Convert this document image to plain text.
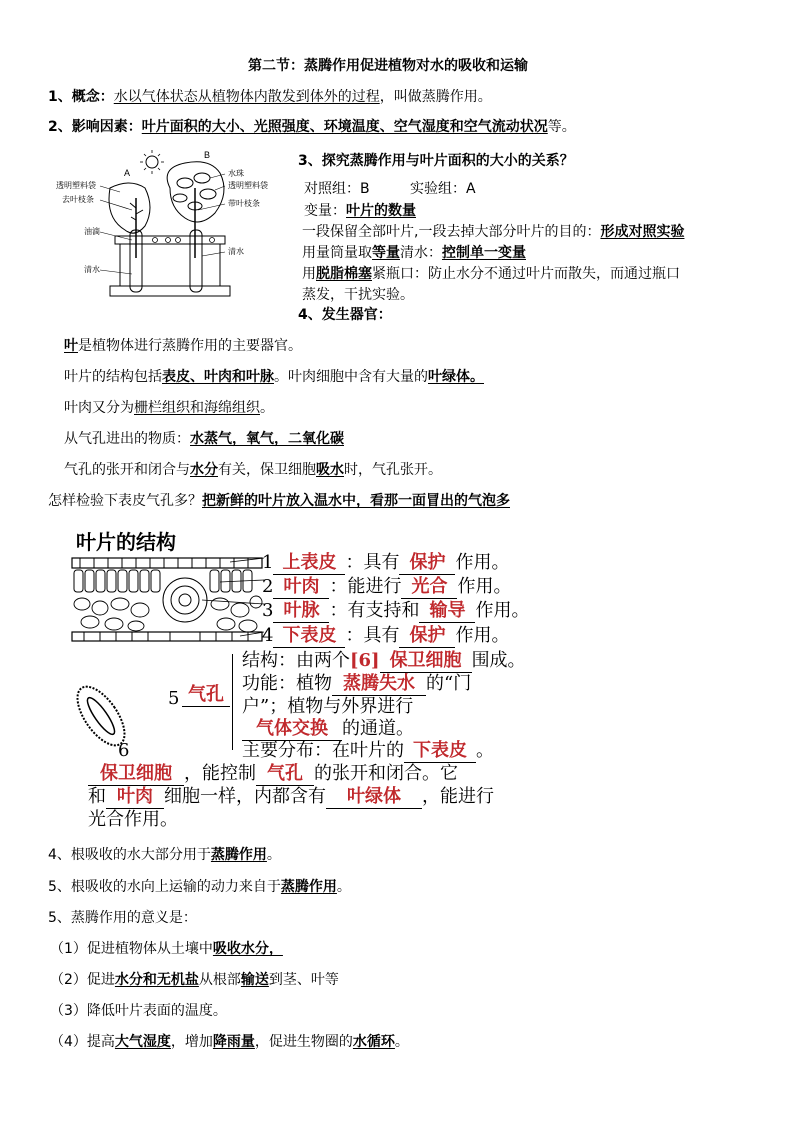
第二节：蒸腾作用促进植物对水的吸收和运输
1、概念：水以气体状态从植物体内散发到体外的过程，叫做蒸腾作用。
2、影响因素：叶片面积的大小、光照强度、环境温度、空气湿度和空气流动状况等。
A
B
透明塑料袋
去叶枝条
油滴
清水
水珠
透明塑料袋
带叶枝条
清水
3、探究蒸腾作用与叶片面积的大小的关系？
对照组：B	实验组：A
变量：叶片的数量
一段保留全部叶片,一段去掉大部分叶片的目的：形成对照实验
用量筒量取等量清水：控制单一变量
用脱脂棉塞紧瓶口：防止水分不通过叶片而散失，而通过瓶口
蒸发，干扰实验。
4、发生器官：
叶是植物体进行蒸腾作用的主要器官。
叶片的结构包括表皮、叶肉和叶脉。叶肉细胞中含有大量的叶绿体。
叶肉又分为栅栏组织和海绵组织。
从气孔进出的物质：水蒸气，氧气，二氧化碳
气孔的张开和闭合与水分有关，保卫细胞吸水时，气孔张开。
怎样检验下表皮气孔多？把新鲜的叶片放入温水中，看那一面冒出的气泡多
叶片的结构
1 上表皮 ：具有 保护 作用。
2 叶肉 ：能进行 光合 作用。
3 叶脉 ：有支持和 输导 作用。
4 下表皮 ：具有 保护 作用。
5 气孔
6
结构：由两个[6] 保卫细胞 围成。
功能：植物 蒸腾失水 的“门
户”；植物与外界进行
气体交换 的通道。
主要分布：在叶片的 下表皮 。
保卫细胞 ，能控制 气孔 的张开和闭合。它
和 叶肉 细胞一样，内都含有 叶绿体 ，能进行
光合作用。
4、根吸收的水大部分用于蒸腾作用。
5、根吸收的水向上运输的动力来自于蒸腾作用。
5、蒸腾作用的意义是：
（1）促进植物体从土壤中吸收水分，
（2）促进水分和无机盐从根部输送到茎、叶等
（3）降低叶片表面的温度。
（4）提高大气湿度，增加降雨量，促进生物圈的水循环。
